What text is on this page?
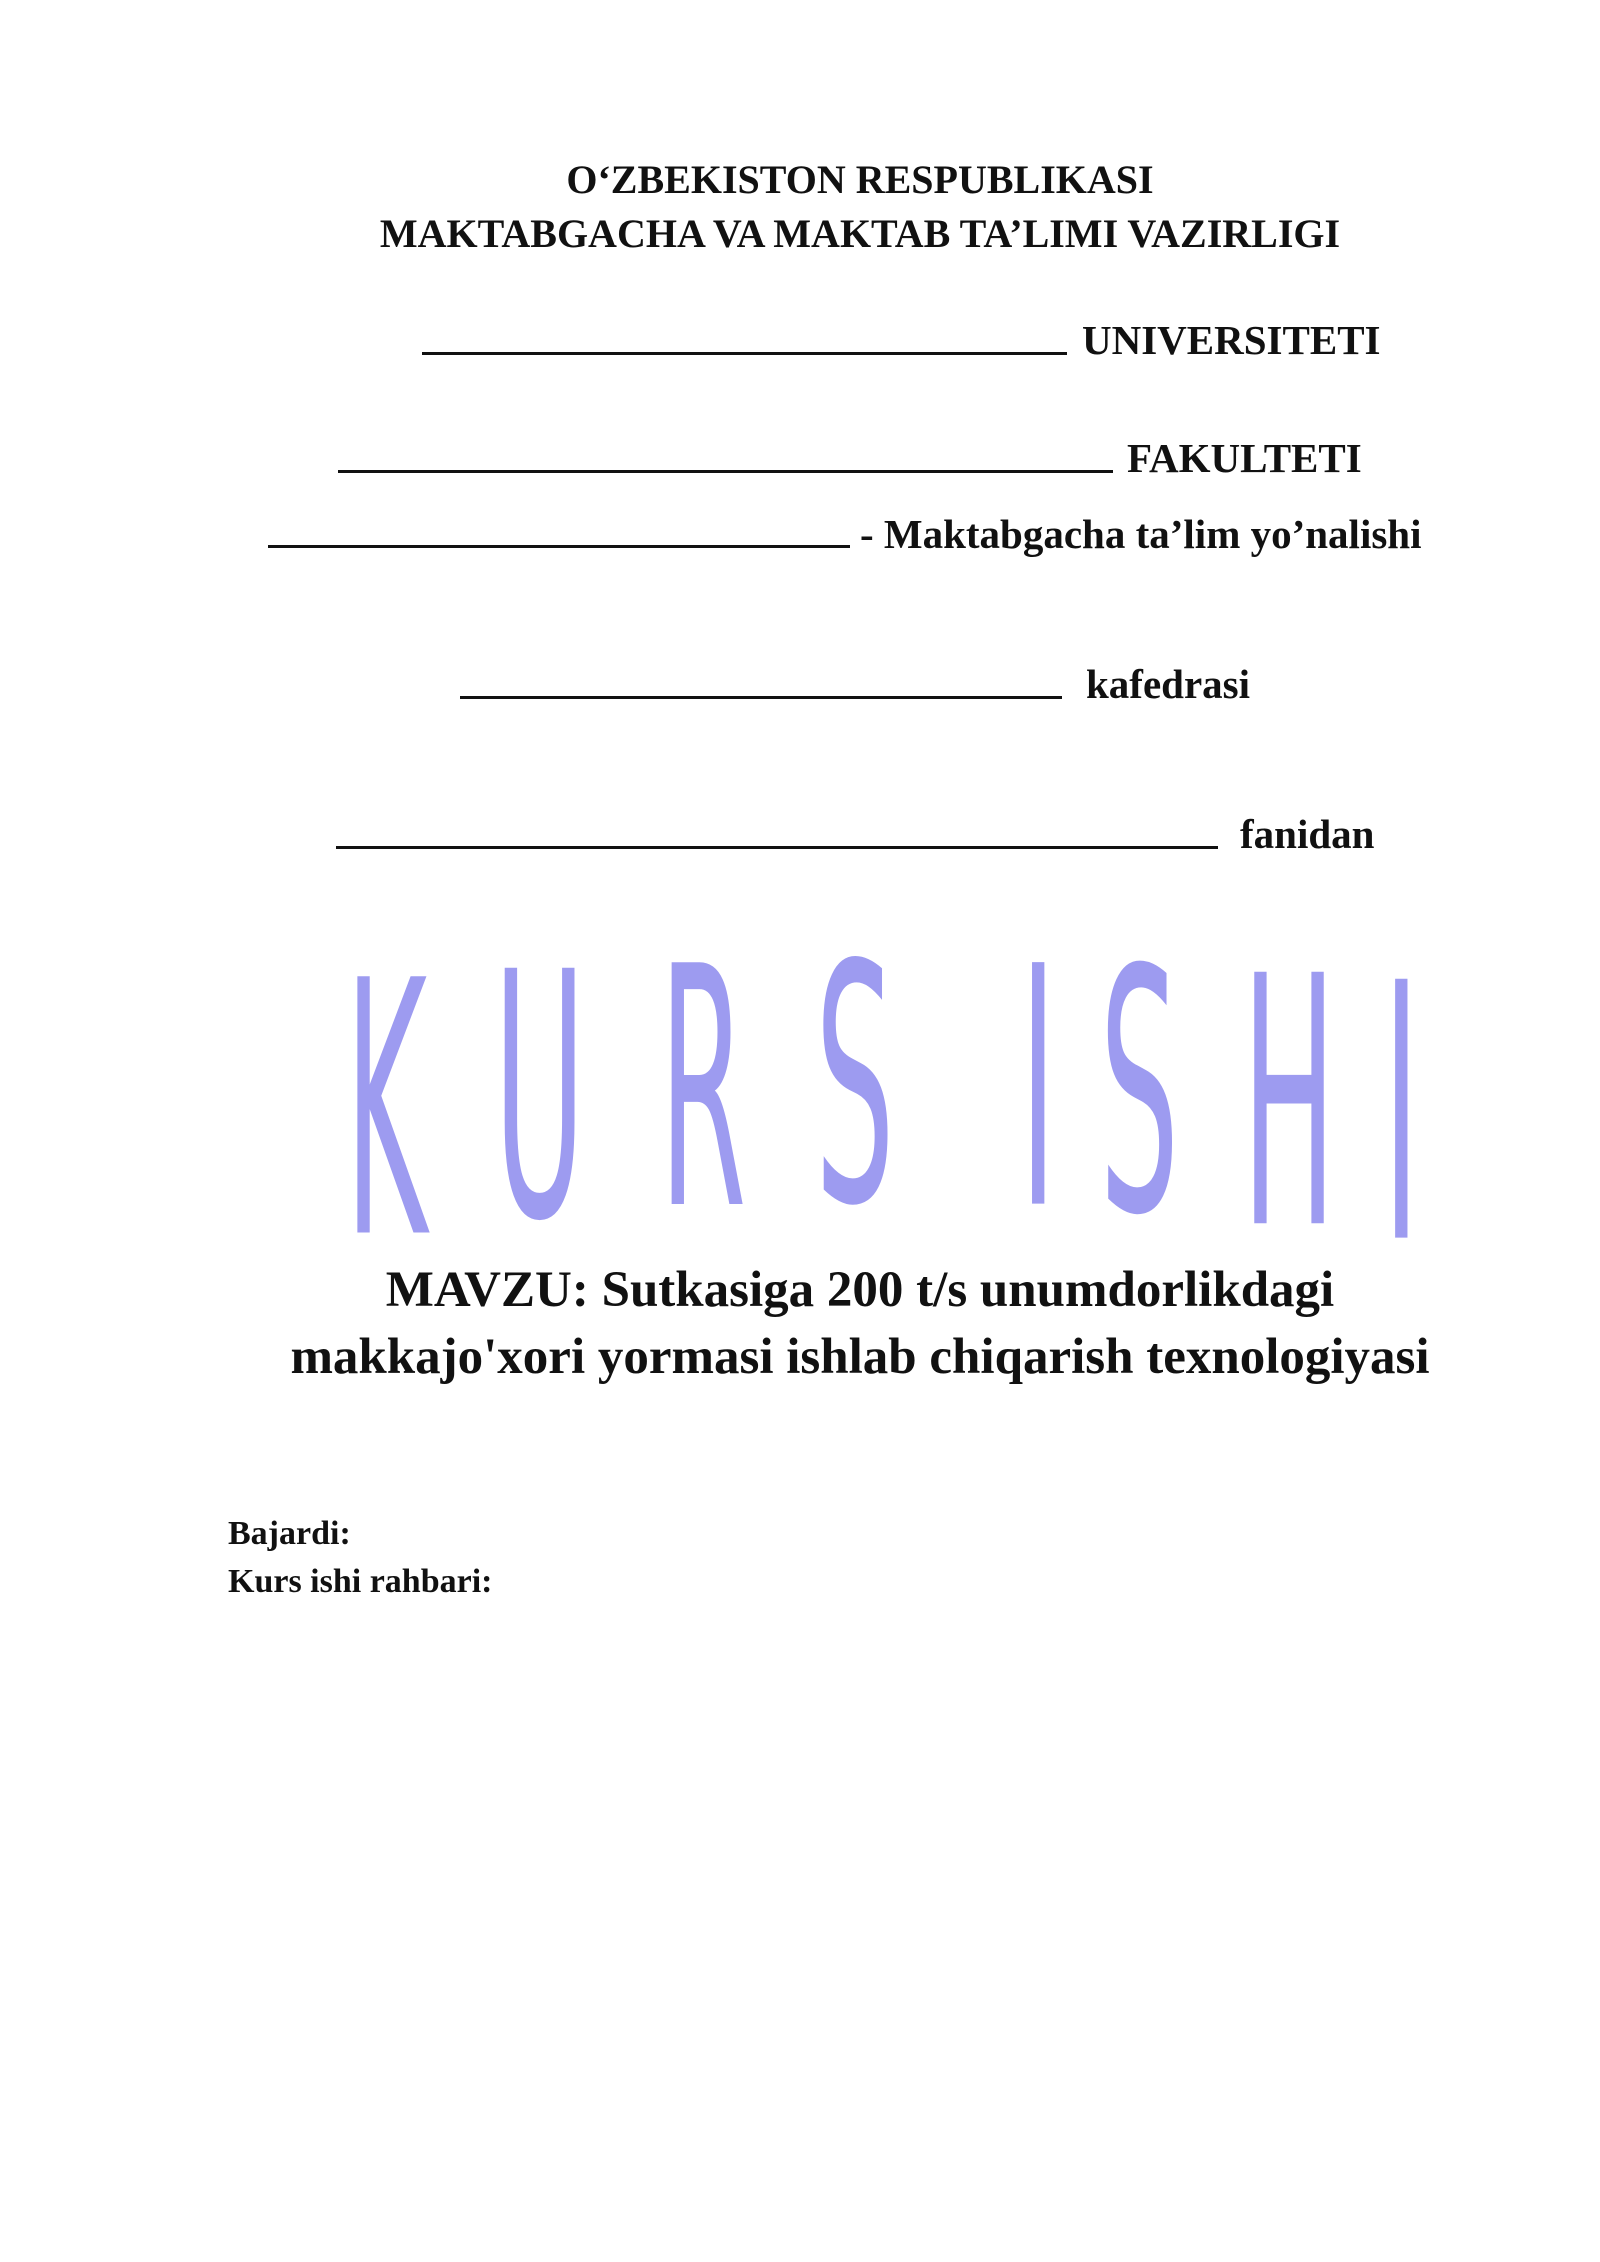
O‘ZBEKISTON RESPUBLIKASI
MAKTABGACHA VA MAKTAB TA’LIMI VAZIRLIGI
UNIVERSITETI
FAKULTETI
- Maktabgacha ta’lim yo’nalishi
kafedrasi
fanidan
K U R S I S H I
MAVZU: Sutkasiga 200 t/s unumdorlikdagi
makkajo'xori yormasi ishlab chiqarish texnologiyasi
Bajardi:
Kurs ishi rahbari:
